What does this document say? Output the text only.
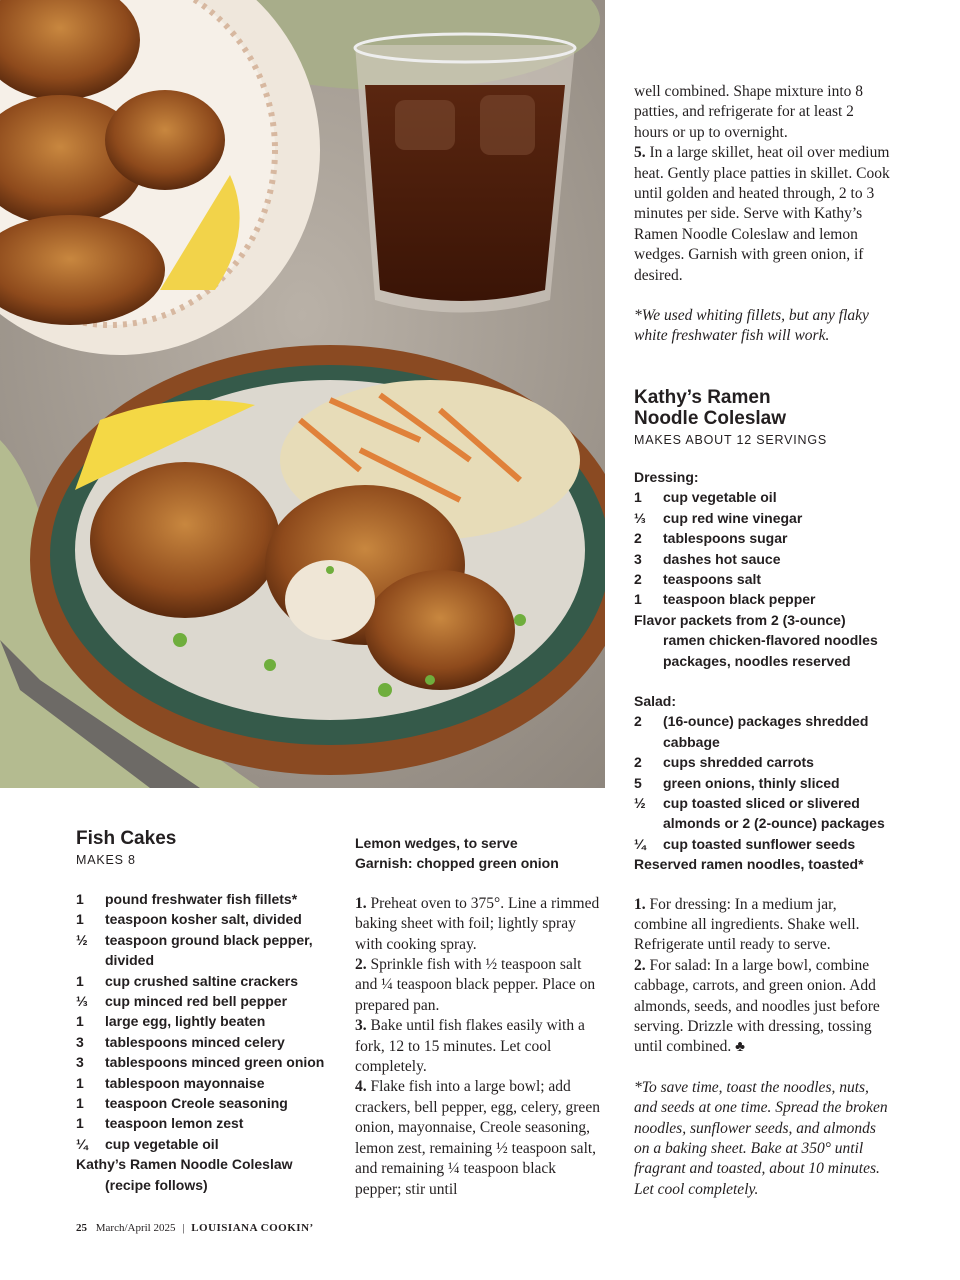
Fish Cakes

MAKES 8

1	pound freshwater fish fillets*
1	teaspoon kosher salt, divided
½	teaspoon ground black pepper, divided
1	cup crushed saltine crackers
⅓	cup minced red bell pepper
1	large egg, lightly beaten
3	tablespoons minced celery
3	tablespoons minced green onion
1	tablespoon mayonnaise
1	teaspoon Creole seasoning
1	teaspoon lemon zest
¼	cup vegetable oil
Kathy’s Ramen Noodle Coleslaw (recipe follows)
Lemon wedges, to serve
Garnish: chopped green onion

1. Preheat oven to 375°. Line a rimmed baking sheet with foil; lightly spray with cooking spray.

2. Sprinkle fish with ½ teaspoon salt and ¼ teaspoon black pepper. Place on prepared pan.

3. Bake until fish flakes easily with a fork, 12 to 15 minutes. Let cool completely.

4. Flake fish into a large bowl; add crackers, bell pepper, egg, celery, green onion, mayonnaise, Creole seasoning, lemon zest, remaining ½ teaspoon salt, and remaining ¼ teaspoon black pepper; stir until

well combined. Shape mixture into 8 patties, and refrigerate for at least 2 hours or up to overnight.

5. In a large skillet, heat oil over medium heat. Gently place patties in skillet. Cook until golden and heated through, 2 to 3 minutes per side. Serve with Kathy’s Ramen Noodle Coleslaw and lemon wedges. Garnish with green onion, if desired.

*We used whiting fillets, but any flaky white freshwater fish will work.

Kathy’s Ramen
Noodle Coleslaw

MAKES ABOUT 12 SERVINGS

Dressing:
1	cup vegetable oil
⅓	cup red wine vinegar
2	tablespoons sugar
3	dashes hot sauce
2	teaspoons salt
1	teaspoon black pepper
Flavor packets from 2 (3-ounce) ramen chicken-flavored noodles packages, noodles reserved
Salad:
2	(16-ounce) packages shredded cabbage
2	cups shredded carrots
5	green onions, thinly sliced
½	cup toasted sliced or slivered almonds or 2 (2-ounce) packages
¼	cup toasted sunflower seeds
Reserved ramen noodles, toasted*

1. For dressing: In a medium jar, combine all ingredients. Shake well. Refrigerate until ready to serve.

2. For salad: In a large bowl, combine cabbage, carrots, and green onion. Add almonds, seeds, and noodles just before serving. Drizzle with dressing, tossing until combined. ♣

*To save time, toast the noodles, nuts, and seeds at one time. Spread the broken noodles, sunflower seeds, and almonds on a baking sheet. Bake at 350° until fragrant and toasted, about 10 minutes. Let cool completely.

25 March/April 2025 | LOUISIANA COOKIN’
